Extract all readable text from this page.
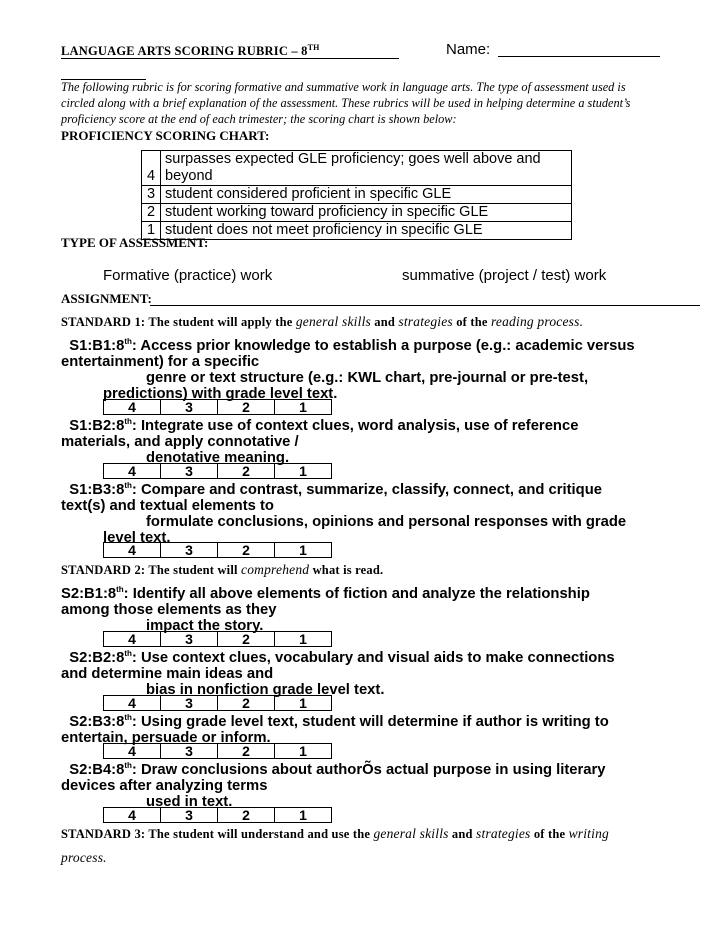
LANGUAGE ARTS SCORING RUBRIC – 8TH	Name:
The following rubric is for scoring formative and summative work in language arts. The type of assessment used is circled along with a brief explanation of the assessment. These rubrics will be used in helping determine a student’s proficiency score at the end of each trimester; the scoring chart is shown below:
PROFICIENCY SCORING CHART:
4	surpasses expected GLE proficiency; goes well above and beyond
3	student considered proficient in specific GLE
2	student working toward proficiency in specific GLE
1	student does not meet proficiency in specific GLE
TYPE OF ASSESSMENT:
Formative (practice) work	summative (project / test) work
ASSIGNMENT:
STANDARD 1: The student will apply the general skills and strategies of the reading process.
S1:B1:8th: Access prior knowledge to establish a purpose (e.g.: academic versus
entertainment) for a specific
genre or text structure (e.g.: KWL chart, pre-journal or pre-test,
predictions) with grade level text.
4	3	2	1
S1:B2:8th: Integrate use of context clues, word analysis, use of reference
materials, and apply connotative /
denotative meaning.
4	3	2	1
S1:B3:8th: Compare and contrast, summarize, classify, connect, and critique
text(s) and textual elements to
formulate conclusions, opinions and personal responses with grade
level text.
4	3	2	1
STANDARD 2: The student will comprehend what is read.
S2:B1:8th: Identify all above elements of fiction and analyze the relationship
among those elements as they
impact the story.
4	3	2	1
S2:B2:8th: Use context clues, vocabulary and visual aids to make connections
and determine main ideas and
bias in nonfiction grade level text.
4	3	2	1
S2:B3:8th: Using grade level text, student will determine if author is writing to
entertain, persuade or inform.
4	3	2	1
S2:B4:8th: Draw conclusions about authorÕs actual purpose in using literary
devices after analyzing terms
used in text.
4	3	2	1
STANDARD 3: The student will understand and use the general skills and strategies of the writing
process.
